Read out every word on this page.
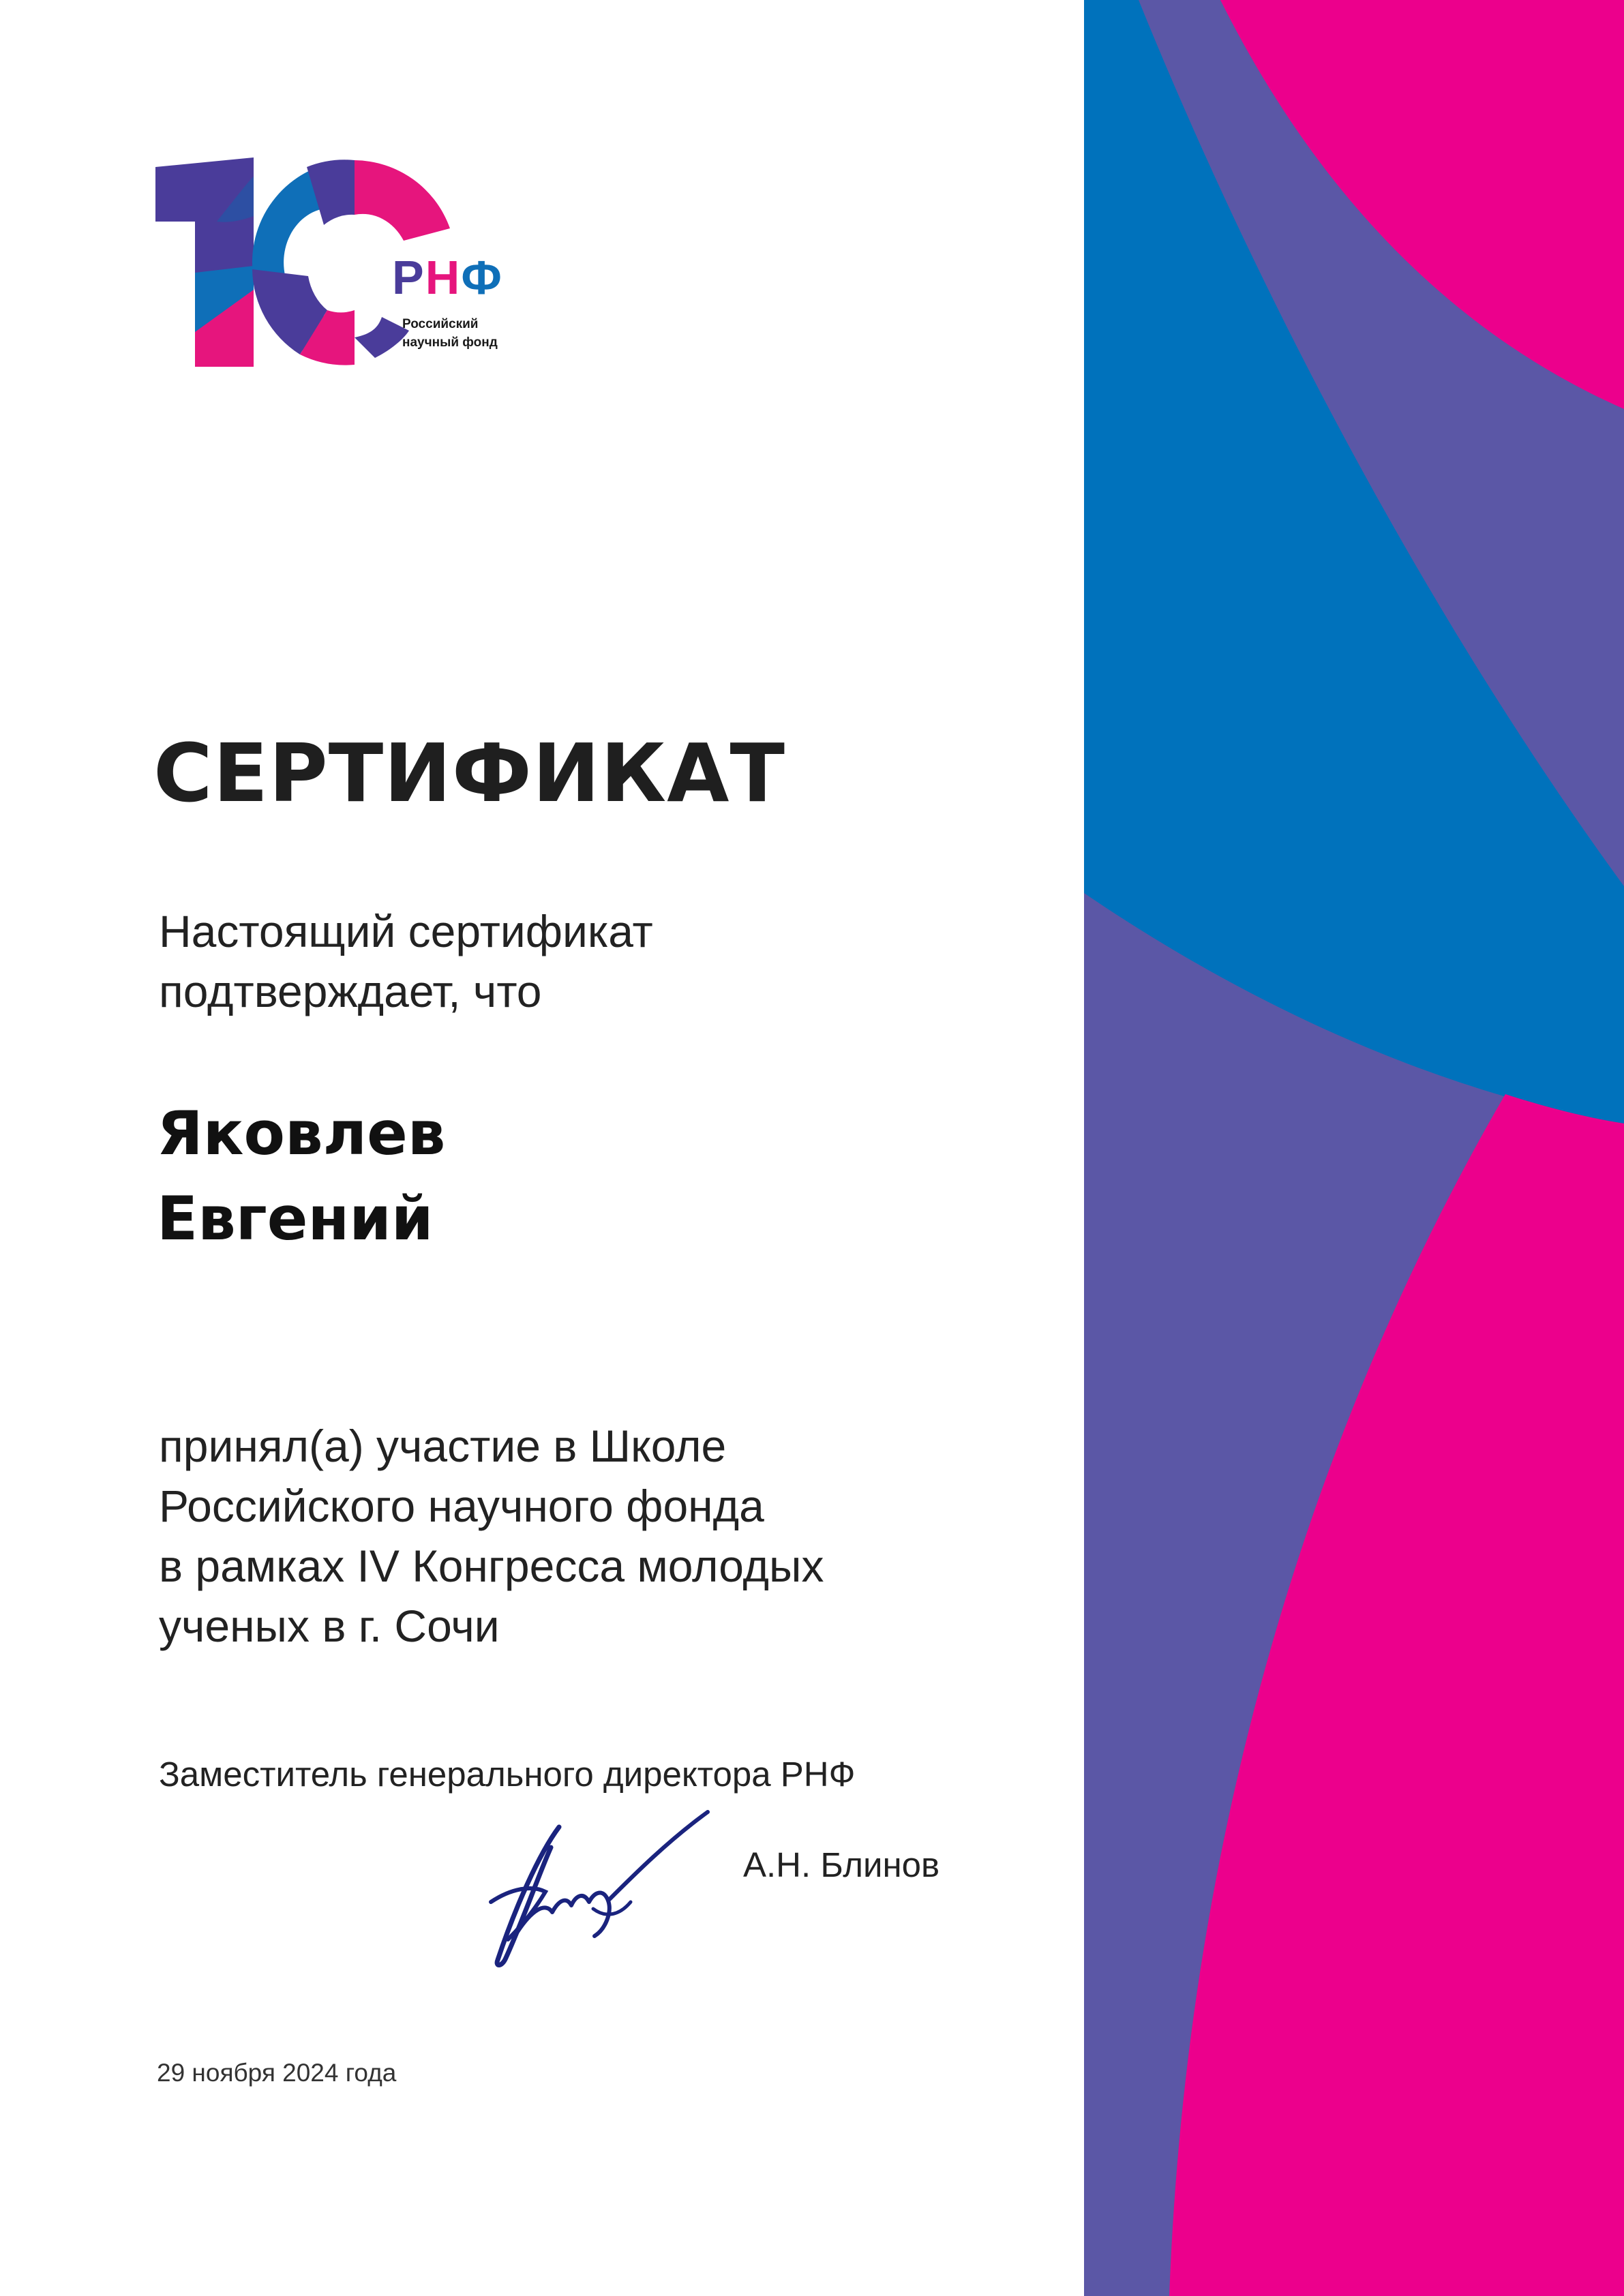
РНФ
Российский
научный фонд
СЕРТИФИКАТ
Настоящий сертификат
подтверждает, что
Яковлев
Евгений
принял(а) участие в Школе
Российского научного фонда
в рамках IV Конгресса молодых
ученых в г. Сочи
Заместитель генерального директора РНФ
А.Н. Блинов
29 ноября 2024 года
